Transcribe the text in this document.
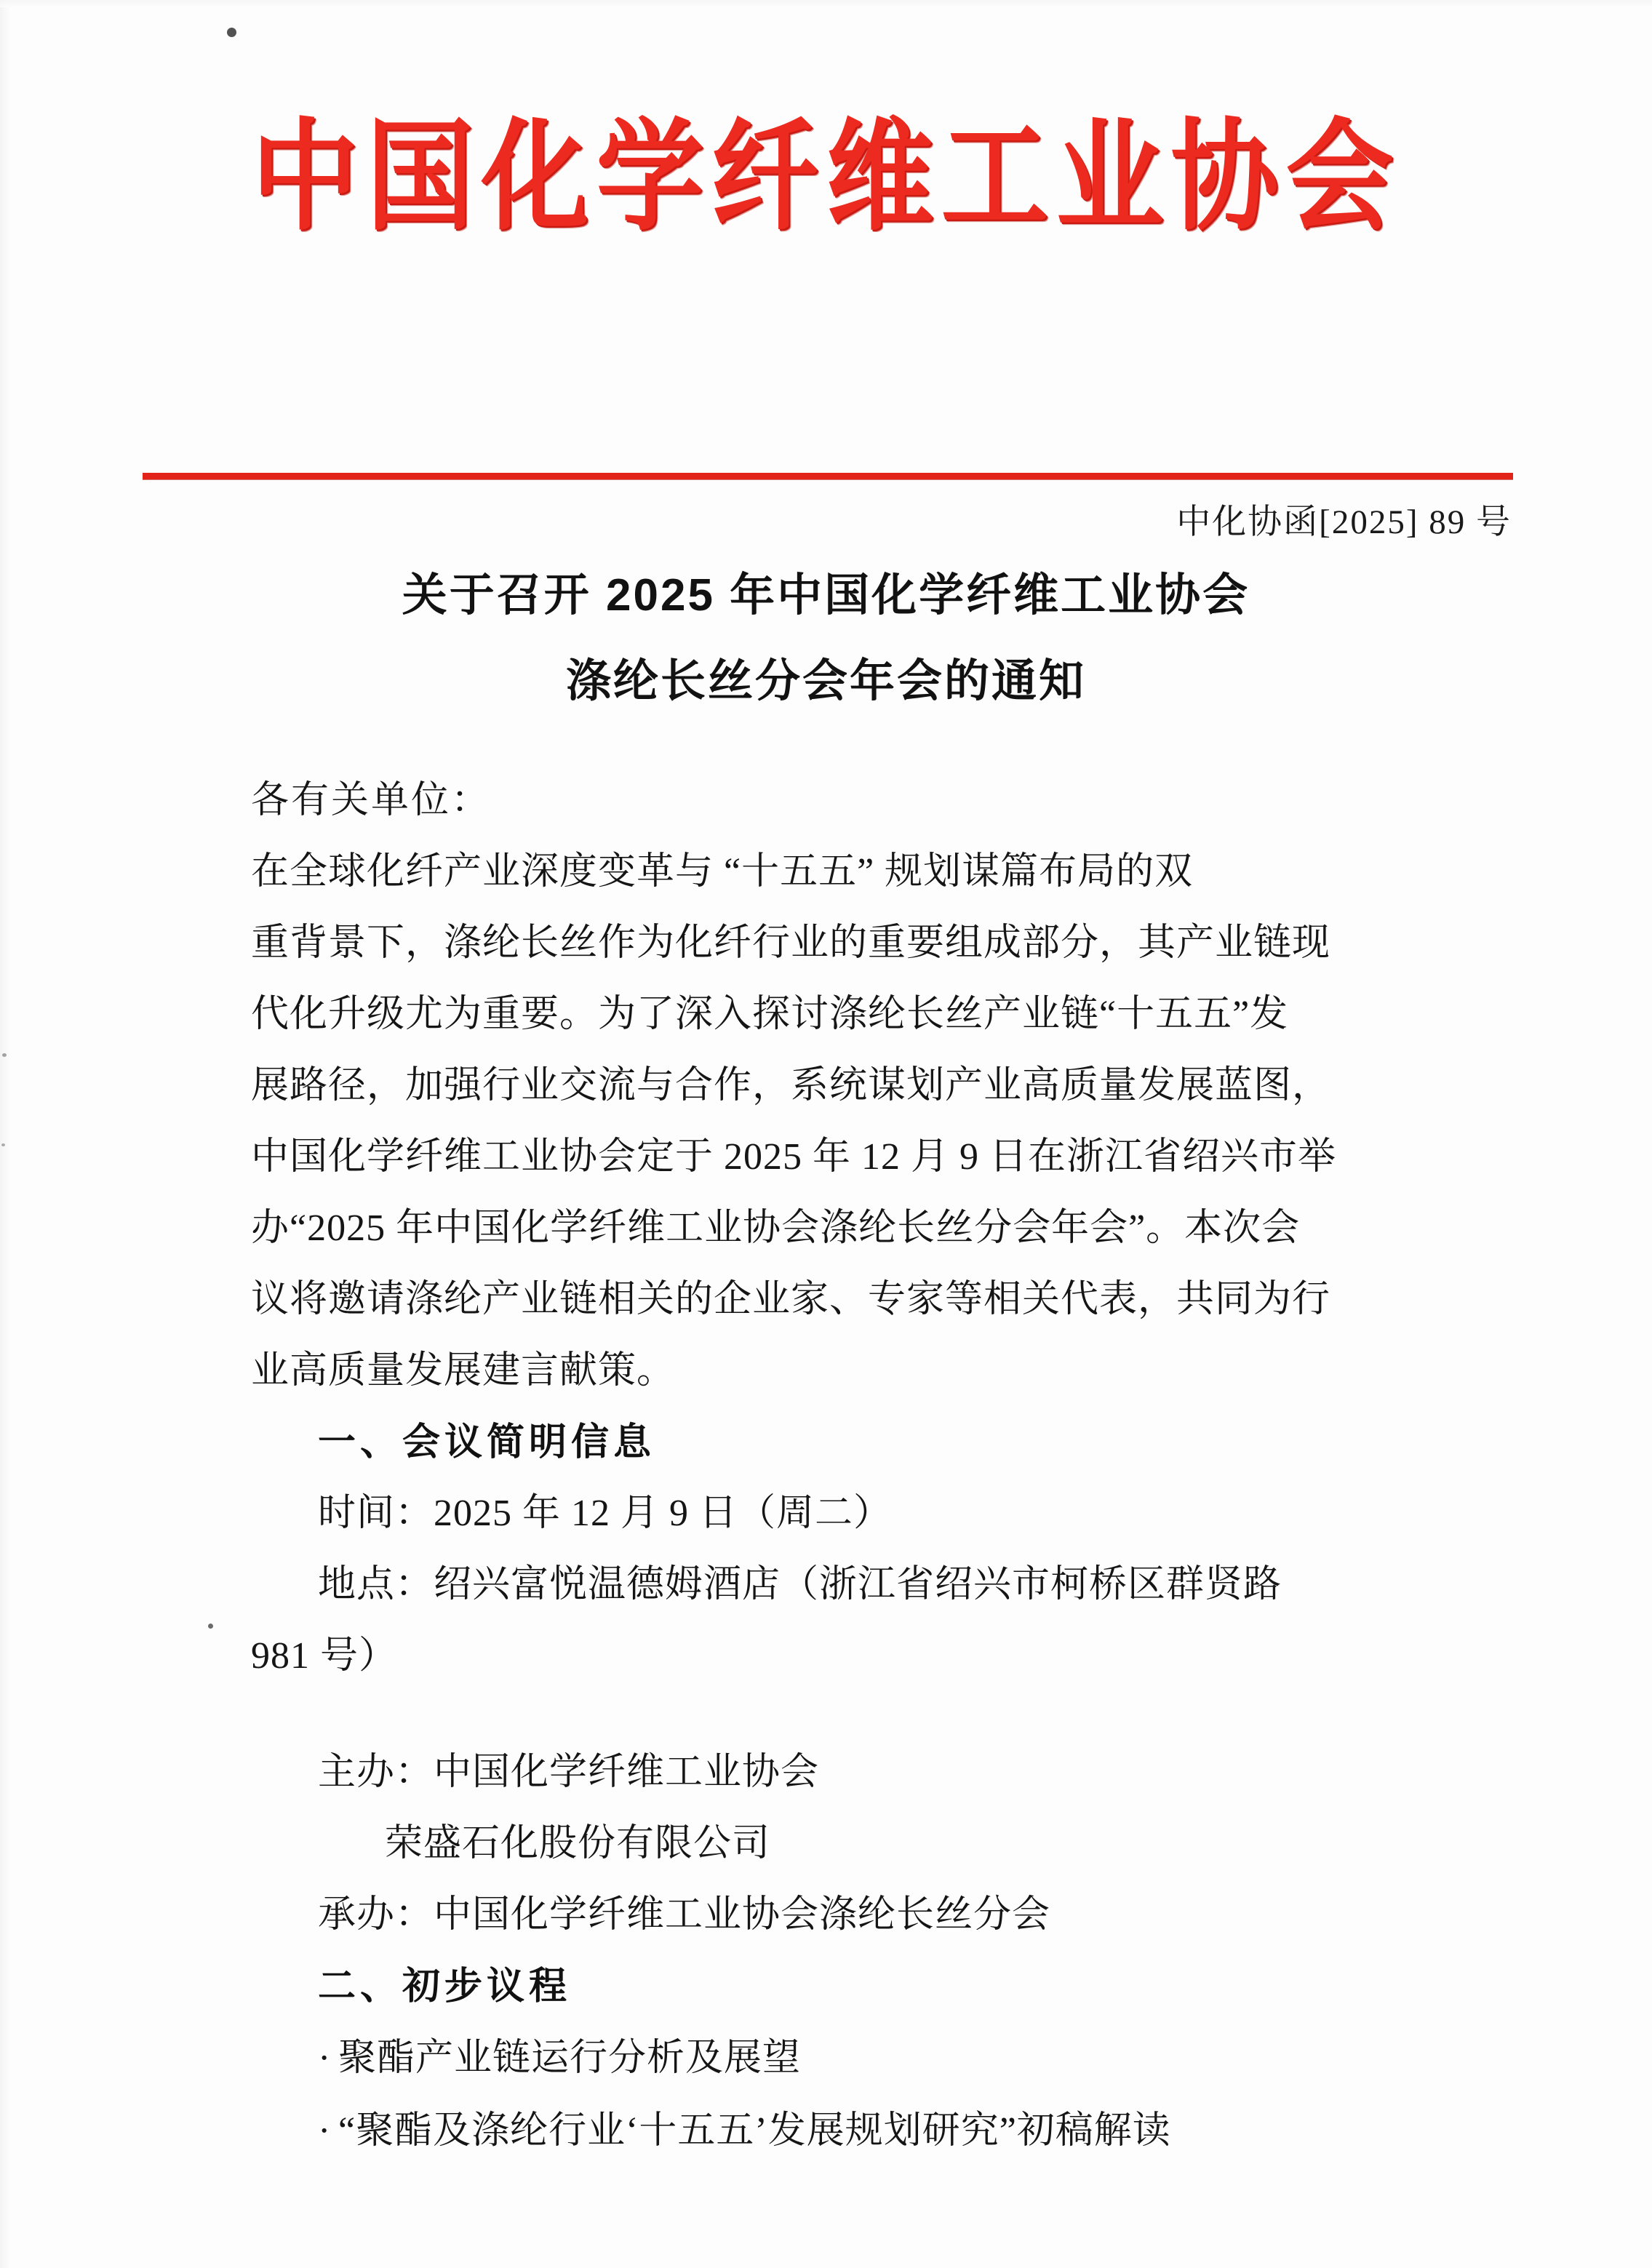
中国化学纤维工业协会
中化协函[2025] 89 号
关于召开 2025 年中国化学纤维工业协会
涤纶长丝分会年会的通知
各有关单位：
在全球化纤产业深度变革与 “十五五” 规划谋篇布局的双
重背景下，涤纶长丝作为化纤行业的重要组成部分，其产业链现
代化升级尤为重要。为了深入探讨涤纶长丝产业链“十五五”发
展路径，加强行业交流与合作，系统谋划产业高质量发展蓝图，
中国化学纤维工业协会定于 2025 年 12 月 9 日在浙江省绍兴市举
办“2025 年中国化学纤维工业协会涤纶长丝分会年会”。本次会
议将邀请涤纶产业链相关的企业家、专家等相关代表，共同为行
业高质量发展建言献策。
一、会议简明信息
时间：2025 年 12 月 9 日（周二）
地点：绍兴富悦温德姆酒店（浙江省绍兴市柯桥区群贤路
981 号）
主办：中国化学纤维工业协会
荣盛石化股份有限公司
承办：中国化学纤维工业协会涤纶长丝分会
二、初步议程
· 聚酯产业链运行分析及展望
· “聚酯及涤纶行业‘十五五’发展规划研究”初稿解读
